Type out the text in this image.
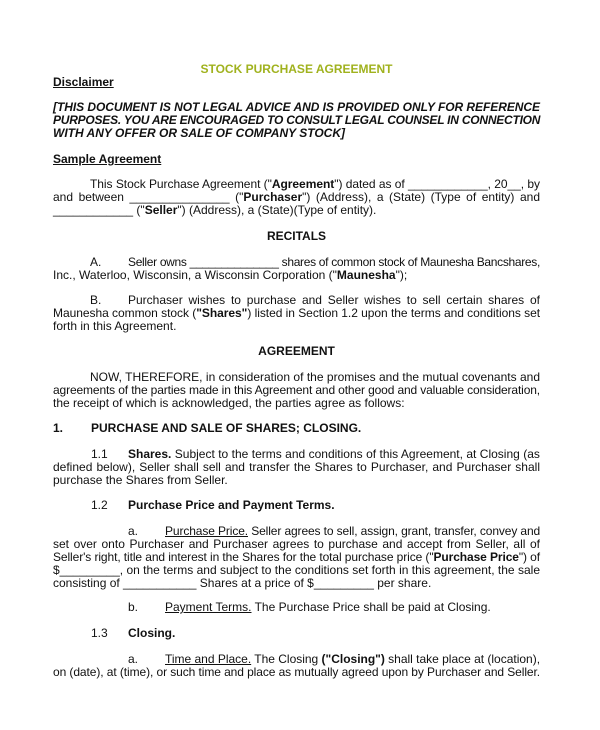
STOCK PURCHASE AGREEMENT
Disclaimer
[THIS DOCUMENT IS NOT LEGAL ADVICE AND IS PROVIDED ONLY FOR REFERENCE
PURPOSES. YOU ARE ENCOURAGED TO CONSULT LEGAL COUNSEL IN CONNECTION
WITH ANY OFFER OR SALE OF COMPANY STOCK]
Sample Agreement
This Stock Purchase Agreement ("Agreement") dated as of ____________, 20__, by
and between _______________ ("Purchaser") (Address), a (State) (Type of entity) and
____________ ("Seller") (Address), a (State)(Type of entity).
RECITALS
A. Seller owns ______________ shares of common stock of Maunesha Bancshares,
Inc., Waterloo, Wisconsin, a Wisconsin Corporation ("Maunesha");
B. Purchaser wishes to purchase and Seller wishes to sell certain shares of
Maunesha common stock ("Shares") listed in Section 1.2 upon the terms and conditions set
forth in this Agreement.
AGREEMENT
NOW, THEREFORE, in consideration of the promises and the mutual covenants and
agreements of the parties made in this Agreement and other good and valuable consideration,
the receipt of which is acknowledged, the parties agree as follows:
1. PURCHASE AND SALE OF SHARES; CLOSING.
1.1 Shares. Subject to the terms and conditions of this Agreement, at Closing (as
defined below), Seller shall sell and transfer the Shares to Purchaser, and Purchaser shall
purchase the Shares from Seller.
1.2 Purchase Price and Payment Terms.
a. Purchase Price. Seller agrees to sell, assign, grant, transfer, convey and
set over onto Purchaser and Purchaser agrees to purchase and accept from Seller, all of
Seller's right, title and interest in the Shares for the total purchase price ("Purchase Price") of
$_________, on the terms and subject to the conditions set forth in this agreement, the sale
consisting of ___________ Shares at a price of $_________ per share.
b. Payment Terms. The Purchase Price shall be paid at Closing.
1.3 Closing.
a. Time and Place. The Closing ("Closing") shall take place at (location),
on (date), at (time), or such time and place as mutually agreed upon by Purchaser and Seller.
